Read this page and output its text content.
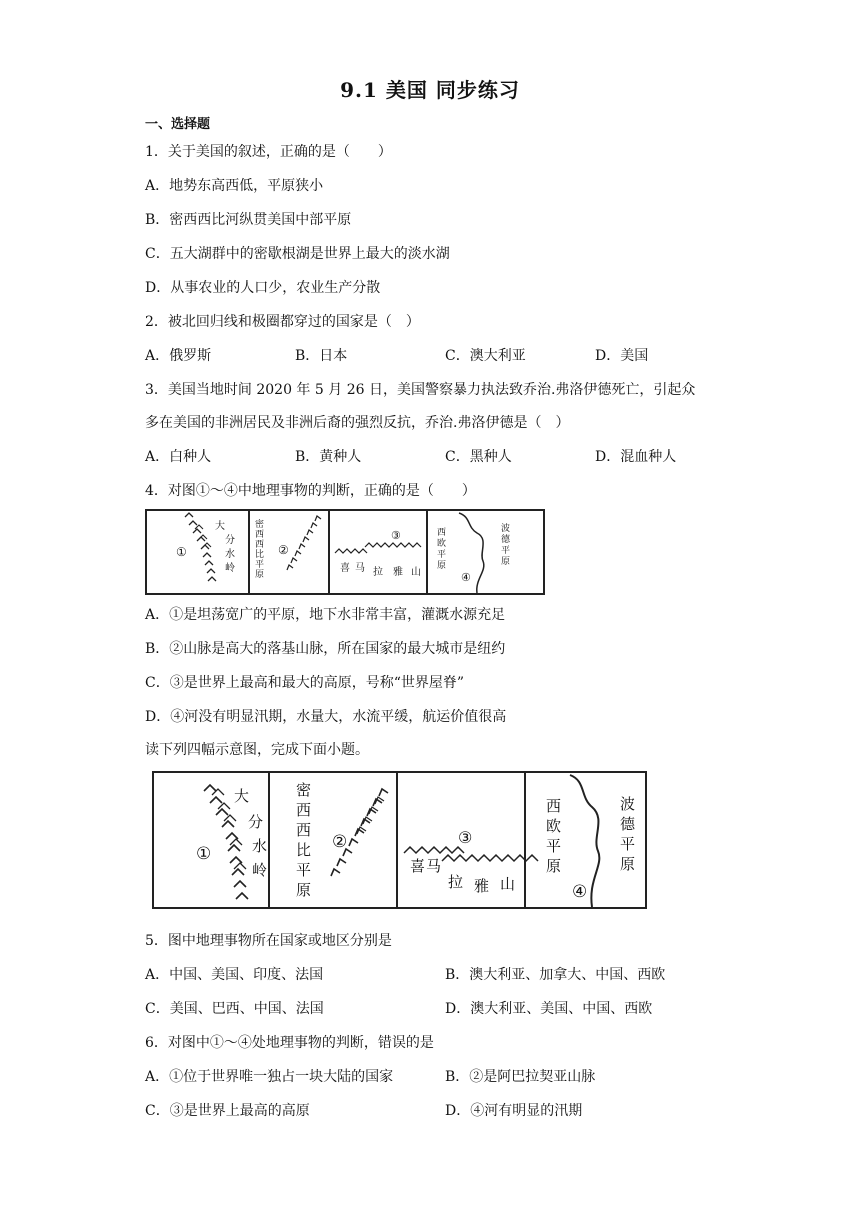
9.1 美国 同步练习
一、选择题
1．关于美国的叙述，正确的是（　　）
A．地势东高西低，平原狭小
B．密西西比河纵贯美国中部平原
C．五大湖群中的密歇根湖是世界上最大的淡水湖
D．从事农业的人口少，农业生产分散
2．被北回归线和极圈都穿过的国家是（　）
A．俄罗斯	B．日本	C．澳大利亚	D．美国
3．美国当地时间 2020 年 5 月 26 日，美国警察暴力执法致乔治.弗洛伊德死亡，引起众
多在美国的非洲居民及非洲后裔的强烈反抗，乔治.弗洛伊德是（　）
A．白种人	B．黄种人	C．黑种人	D．混血种人
4．对图①～④中地理事物的判断，正确的是（　　）
①
大
分
水
岭
密
西
西
比
平
原
②
③
喜 马 拉 雅 山
西
欧
平
原
波
德
平
原
④
A．①是坦荡宽广的平原，地下水非常丰富，灌溉水源充足
B．②山脉是高大的落基山脉，所在国家的最大城市是纽约
C．③是世界上最高和最大的高原，号称“世界屋脊”
D．④河没有明显汛期，水量大，水流平缓，航运价值很高
读下列四幅示意图，完成下面小题。
①
大
分
水
岭
密
西
西
比
平
原
②	③
喜 马
拉 雅 山
西
欧
平
原
波
德
平
原
④
5．图中地理事物所在国家或地区分别是
A．中国、美国、印度、法国	B．澳大利亚、加拿大、中国、西欧
C．美国、巴西、中国、法国	D．澳大利亚、美国、中国、西欧
6．对图中①～④处地理事物的判断，错误的是
A．①位于世界唯一独占一块大陆的国家	B．②是阿巴拉契亚山脉
C．③是世界上最高的高原	D．④河有明显的汛期
